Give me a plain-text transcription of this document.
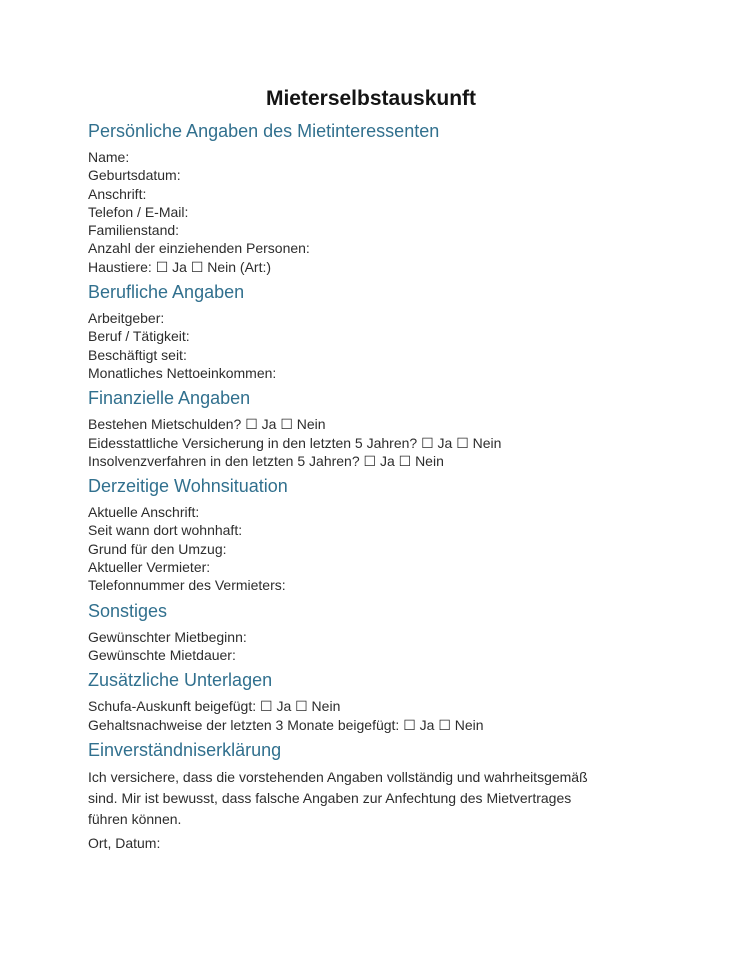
Mieterselbstauskunft
Persönliche Angaben des Mietinteressenten
Name:
Geburtsdatum:
Anschrift:
Telefon / E-Mail:
Familienstand:
Anzahl der einziehenden Personen:
Haustiere: ☐ Ja ☐ Nein (Art:)
Berufliche Angaben
Arbeitgeber:
Beruf / Tätigkeit:
Beschäftigt seit:
Monatliches Nettoeinkommen:
Finanzielle Angaben
Bestehen Mietschulden? ☐ Ja ☐ Nein
Eidesstattliche Versicherung in den letzten 5 Jahren? ☐ Ja ☐ Nein
Insolvenzverfahren in den letzten 5 Jahren? ☐ Ja ☐ Nein
Derzeitige Wohnsituation
Aktuelle Anschrift:
Seit wann dort wohnhaft:
Grund für den Umzug:
Aktueller Vermieter:
Telefonnummer des Vermieters:
Sonstiges
Gewünschter Mietbeginn:
Gewünschte Mietdauer:
Zusätzliche Unterlagen
Schufa-Auskunft beigefügt: ☐ Ja ☐ Nein
Gehaltsnachweise der letzten 3 Monate beigefügt: ☐ Ja ☐ Nein
Einverständniserklärung
Ich versichere, dass die vorstehenden Angaben vollständig und wahrheitsgemäß
sind. Mir ist bewusst, dass falsche Angaben zur Anfechtung des Mietvertrages
führen können.
Ort, Datum:
